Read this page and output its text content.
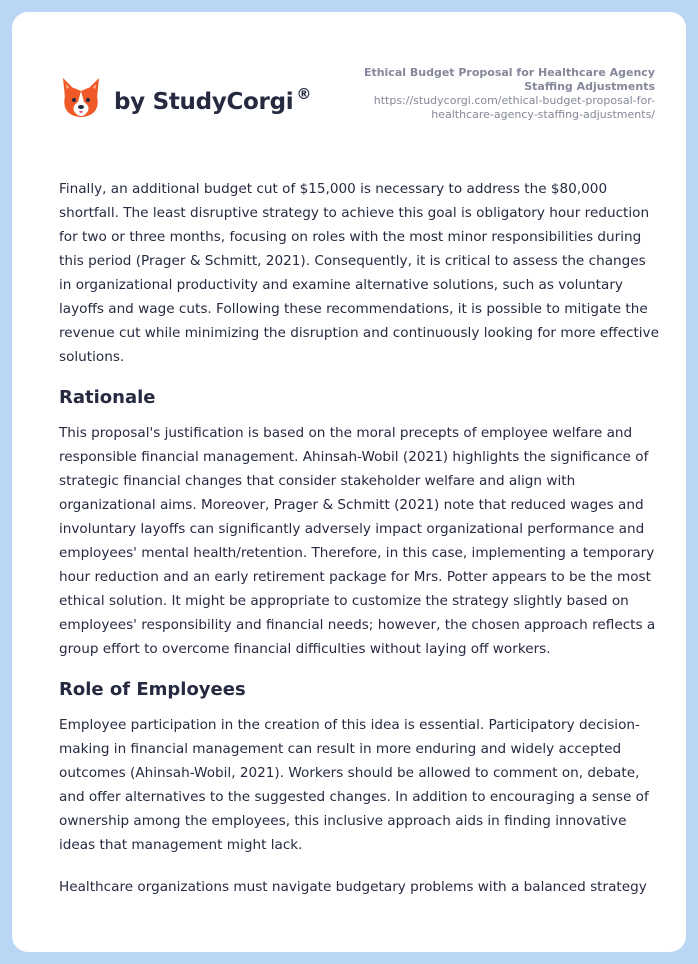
by StudyCorgi ®
Ethical Budget Proposal for Healthcare Agency Staffing Adjustments
https://studycorgi.com/ethical-budget-proposal-for-healthcare-agency-staffing-adjustments/

Finally, an additional budget cut of $15,000 is necessary to address the $80,000 shortfall. The least disruptive strategy to achieve this goal is obligatory hour reduction for two or three months, focusing on roles with the most minor responsibilities during this period (Prager & Schmitt, 2021). Consequently, it is critical to assess the changes in organizational productivity and examine alternative solutions, such as voluntary layoffs and wage cuts. Following these recommendations, it is possible to mitigate the revenue cut while minimizing the disruption and continuously looking for more effective solutions.

Rationale

This proposal's justification is based on the moral precepts of employee welfare and responsible financial management. Ahinsah-Wobil (2021) highlights the significance of strategic financial changes that consider stakeholder welfare and align with organizational aims. Moreover, Prager & Schmitt (2021) note that reduced wages and involuntary layoffs can significantly adversely impact organizational performance and employees' mental health/retention. Therefore, in this case, implementing a temporary hour reduction and an early retirement package for Mrs. Potter appears to be the most ethical solution. It might be appropriate to customize the strategy slightly based on employees' responsibility and financial needs; however, the chosen approach reflects a group effort to overcome financial difficulties without laying off workers.

Role of Employees

Employee participation in the creation of this idea is essential. Participatory decision-making in financial management can result in more enduring and widely accepted outcomes (Ahinsah-Wobil, 2021). Workers should be allowed to comment on, debate, and offer alternatives to the suggested changes. In addition to encouraging a sense of ownership among the employees, this inclusive approach aids in finding innovative ideas that management might lack.

Healthcare organizations must navigate budgetary problems with a balanced strategy
